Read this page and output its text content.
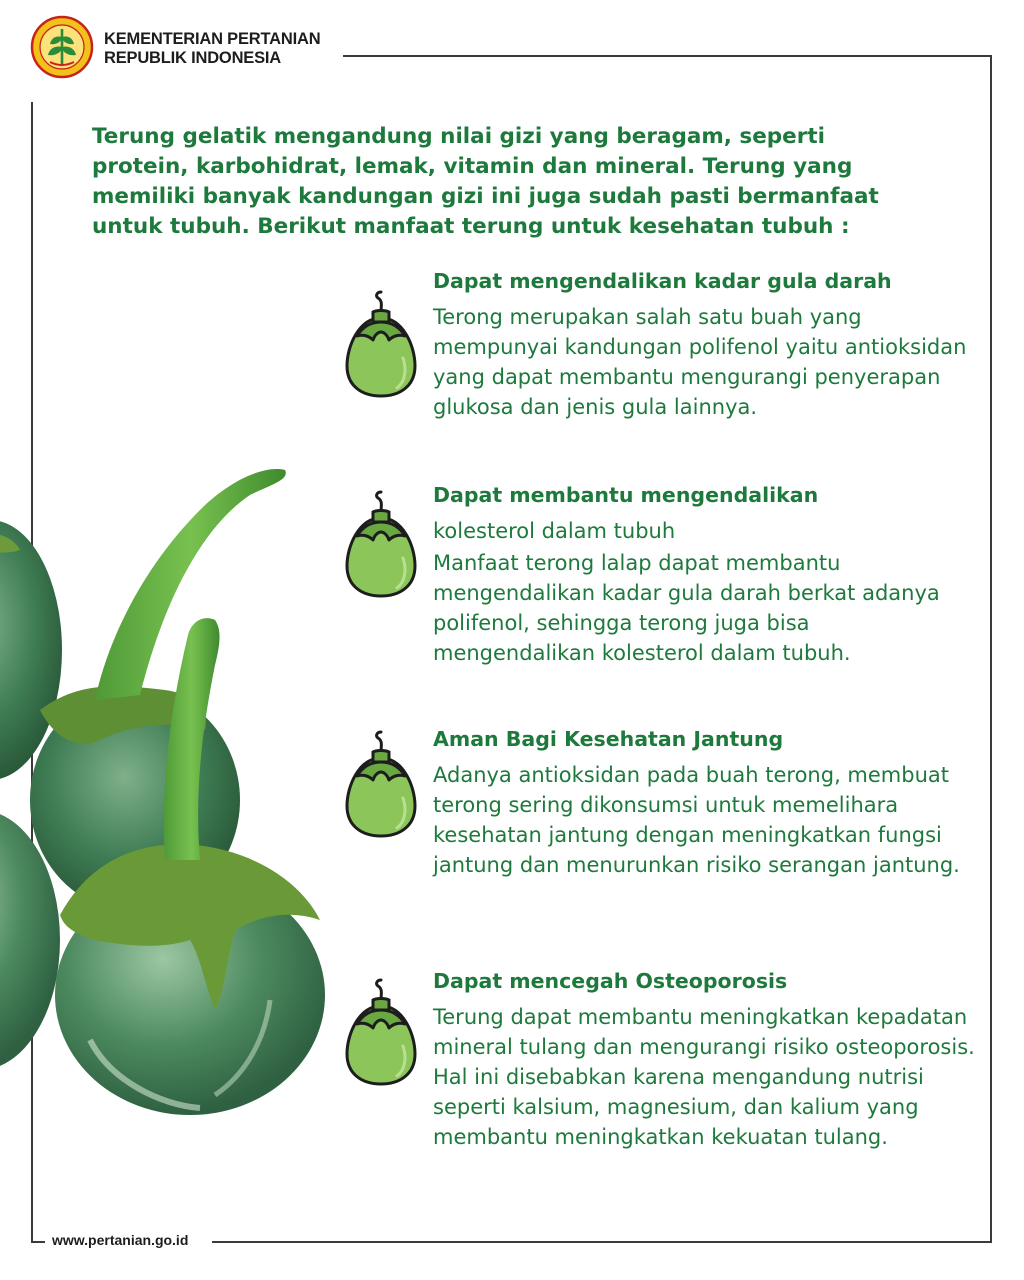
KEMENTERIAN PERTANIAN
REPUBLIK INDONESIA

Terung gelatik mengandung nilai gizi yang beragam, seperti protein, karbohidrat, lemak, vitamin dan mineral. Terung yang memiliki banyak kandungan gizi ini juga sudah pasti bermanfaat untuk tubuh. Berikut manfaat terung untuk kesehatan tubuh :

Dapat mengendalikan kadar gula darah

Terong merupakan salah satu buah yang mempunyai kandungan polifenol yaitu antioksidan yang dapat membantu mengurangi penyerapan glukosa dan jenis gula lainnya.

Dapat membantu mengendalikan

kolesterol dalam tubuh

Manfaat terong lalap dapat membantu mengendalikan kadar gula darah berkat adanya polifenol, sehingga terong juga bisa mengendalikan kolesterol dalam tubuh.

Aman Bagi Kesehatan Jantung

Adanya antioksidan pada buah terong, membuat terong sering dikonsumsi untuk memelihara kesehatan jantung dengan meningkatkan fungsi jantung dan menurunkan risiko serangan jantung.

Dapat mencegah Osteoporosis

Terung dapat membantu meningkatkan kepadatan mineral tulang dan mengurangi risiko osteoporosis. Hal ini disebabkan karena mengandung nutrisi seperti kalsium, magnesium, dan kalium yang membantu meningkatkan kekuatan tulang.

www.pertanian.go.id
